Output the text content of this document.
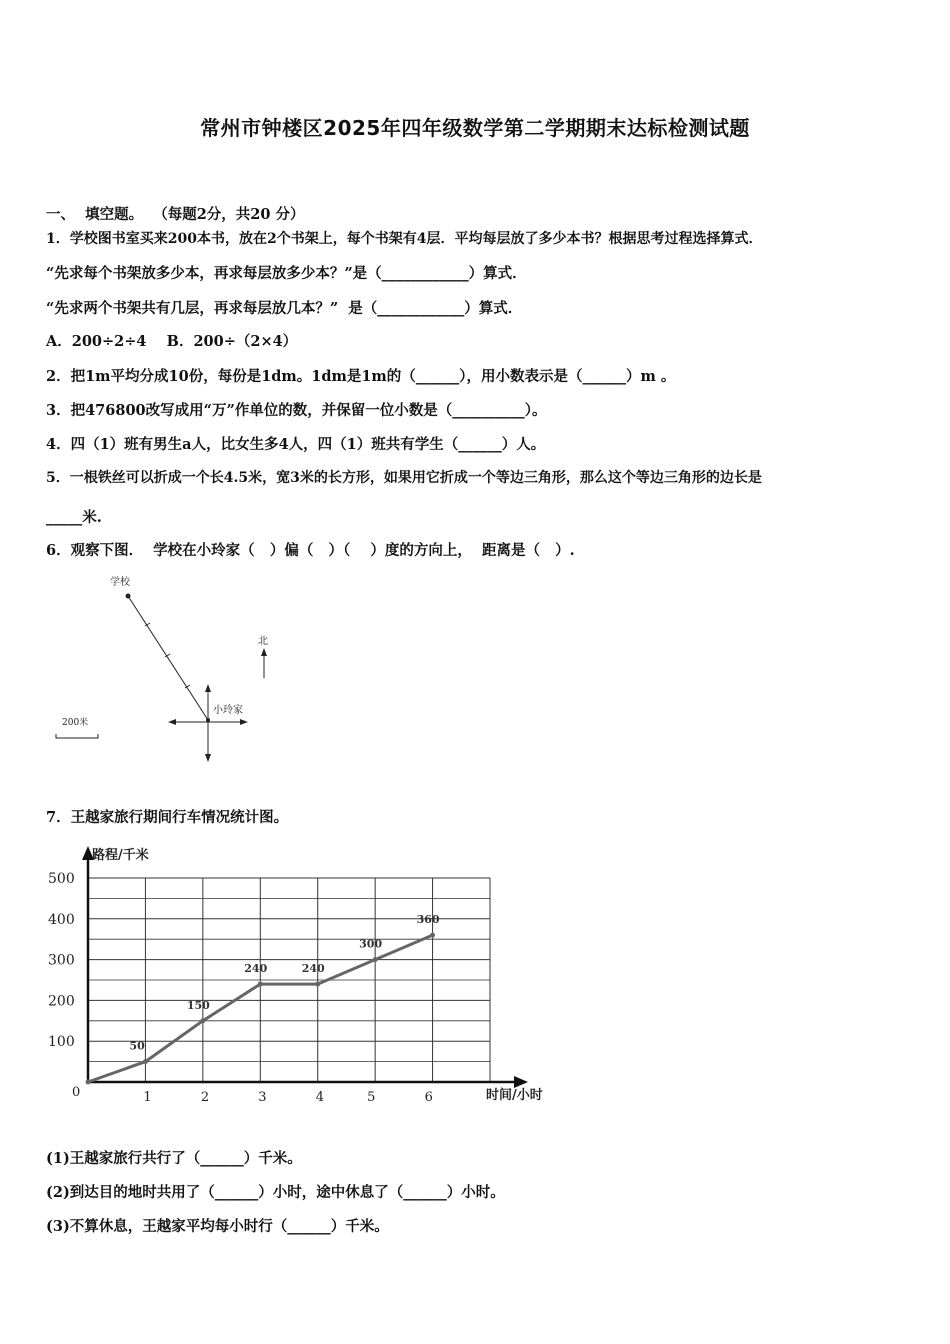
常州市钟楼区2025年四年级数学第二学期期末达标检测试题
一、  填空题。  （每题2分，共20 分）
1．学校图书室买来200本书，放在2个书架上，每个书架有4层．平均每层放了多少本书？根据思考过程选择算式．
“先求每个书架放多少本，再求每层放多少本？”是（____________）算式．
“先求两个书架共有几层，再求每层放几本？”  是（____________）算式．
A．200÷2÷4    B．200÷（2×4）
2．把1m平均分成10份，每份是1dm。1dm是1m的（______），用小数表示是（______）m 。
3．把476800改写成用“万”作单位的数，并保留一位小数是（__________）。
4．四（1）班有男生a人，比女生多4人，四（1）班共有学生（______）人。
5．一根铁丝可以折成一个长4.5米，宽3米的长方形，如果用它折成一个等边三角形，那么这个等边三角形的边长是
_____米.
6．观察下图．  学校在小玲家（   ）偏（   ）（    ）度的方向上，  距离是（   ）.
学校
小玲家
北
200米
7．王越家旅行期间行车情况统计图。
100
200
300
400
500
0	1	2	3	4	5	6
50
150
240	240
300
360
路程/千米
时间/小时
(1)王越家旅行共行了（______）千米。
(2)到达目的地时共用了（______）小时，途中休息了（______）小时。
(3)不算休息，王越家平均每小时行（______）千米。
